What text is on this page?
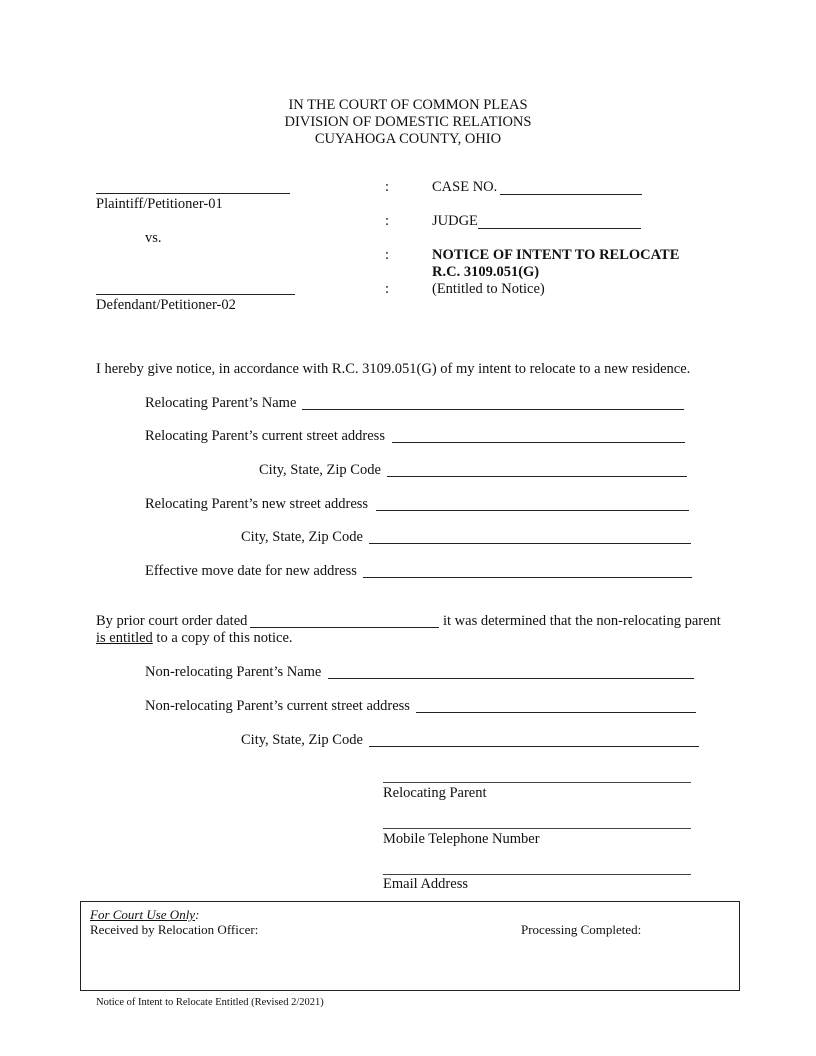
IN THE COURT OF COMMON PLEAS
DIVISION OF DOMESTIC RELATIONS
CUYAHOGA COUNTY, OHIO
Plaintiff/Petitioner-01
vs.
Defendant/Petitioner-02
:
:
:
:
CASE NO.
JUDGE
NOTICE OF INTENT TO RELOCATE
R.C. 3109.051(G)
(Entitled to Notice)
I hereby give notice, in accordance with R.C. 3109.051(G) of my intent to relocate to a new residence.
Relocating Parent’s Name
Relocating Parent’s current street address
City, State, Zip Code
Relocating Parent’s new street address
City, State, Zip Code
Effective move date for new address
By prior court order dated	it was determined that the non-relocating parent
is entitled to a copy of this notice.
Non-relocating Parent’s Name
Non-relocating Parent’s current street address
City, State, Zip Code
Relocating Parent
Mobile Telephone Number
Email Address
For Court Use Only:
Received by Relocation Officer:	Processing Completed:
Notice of Intent to Relocate Entitled (Revised 2/2021)
